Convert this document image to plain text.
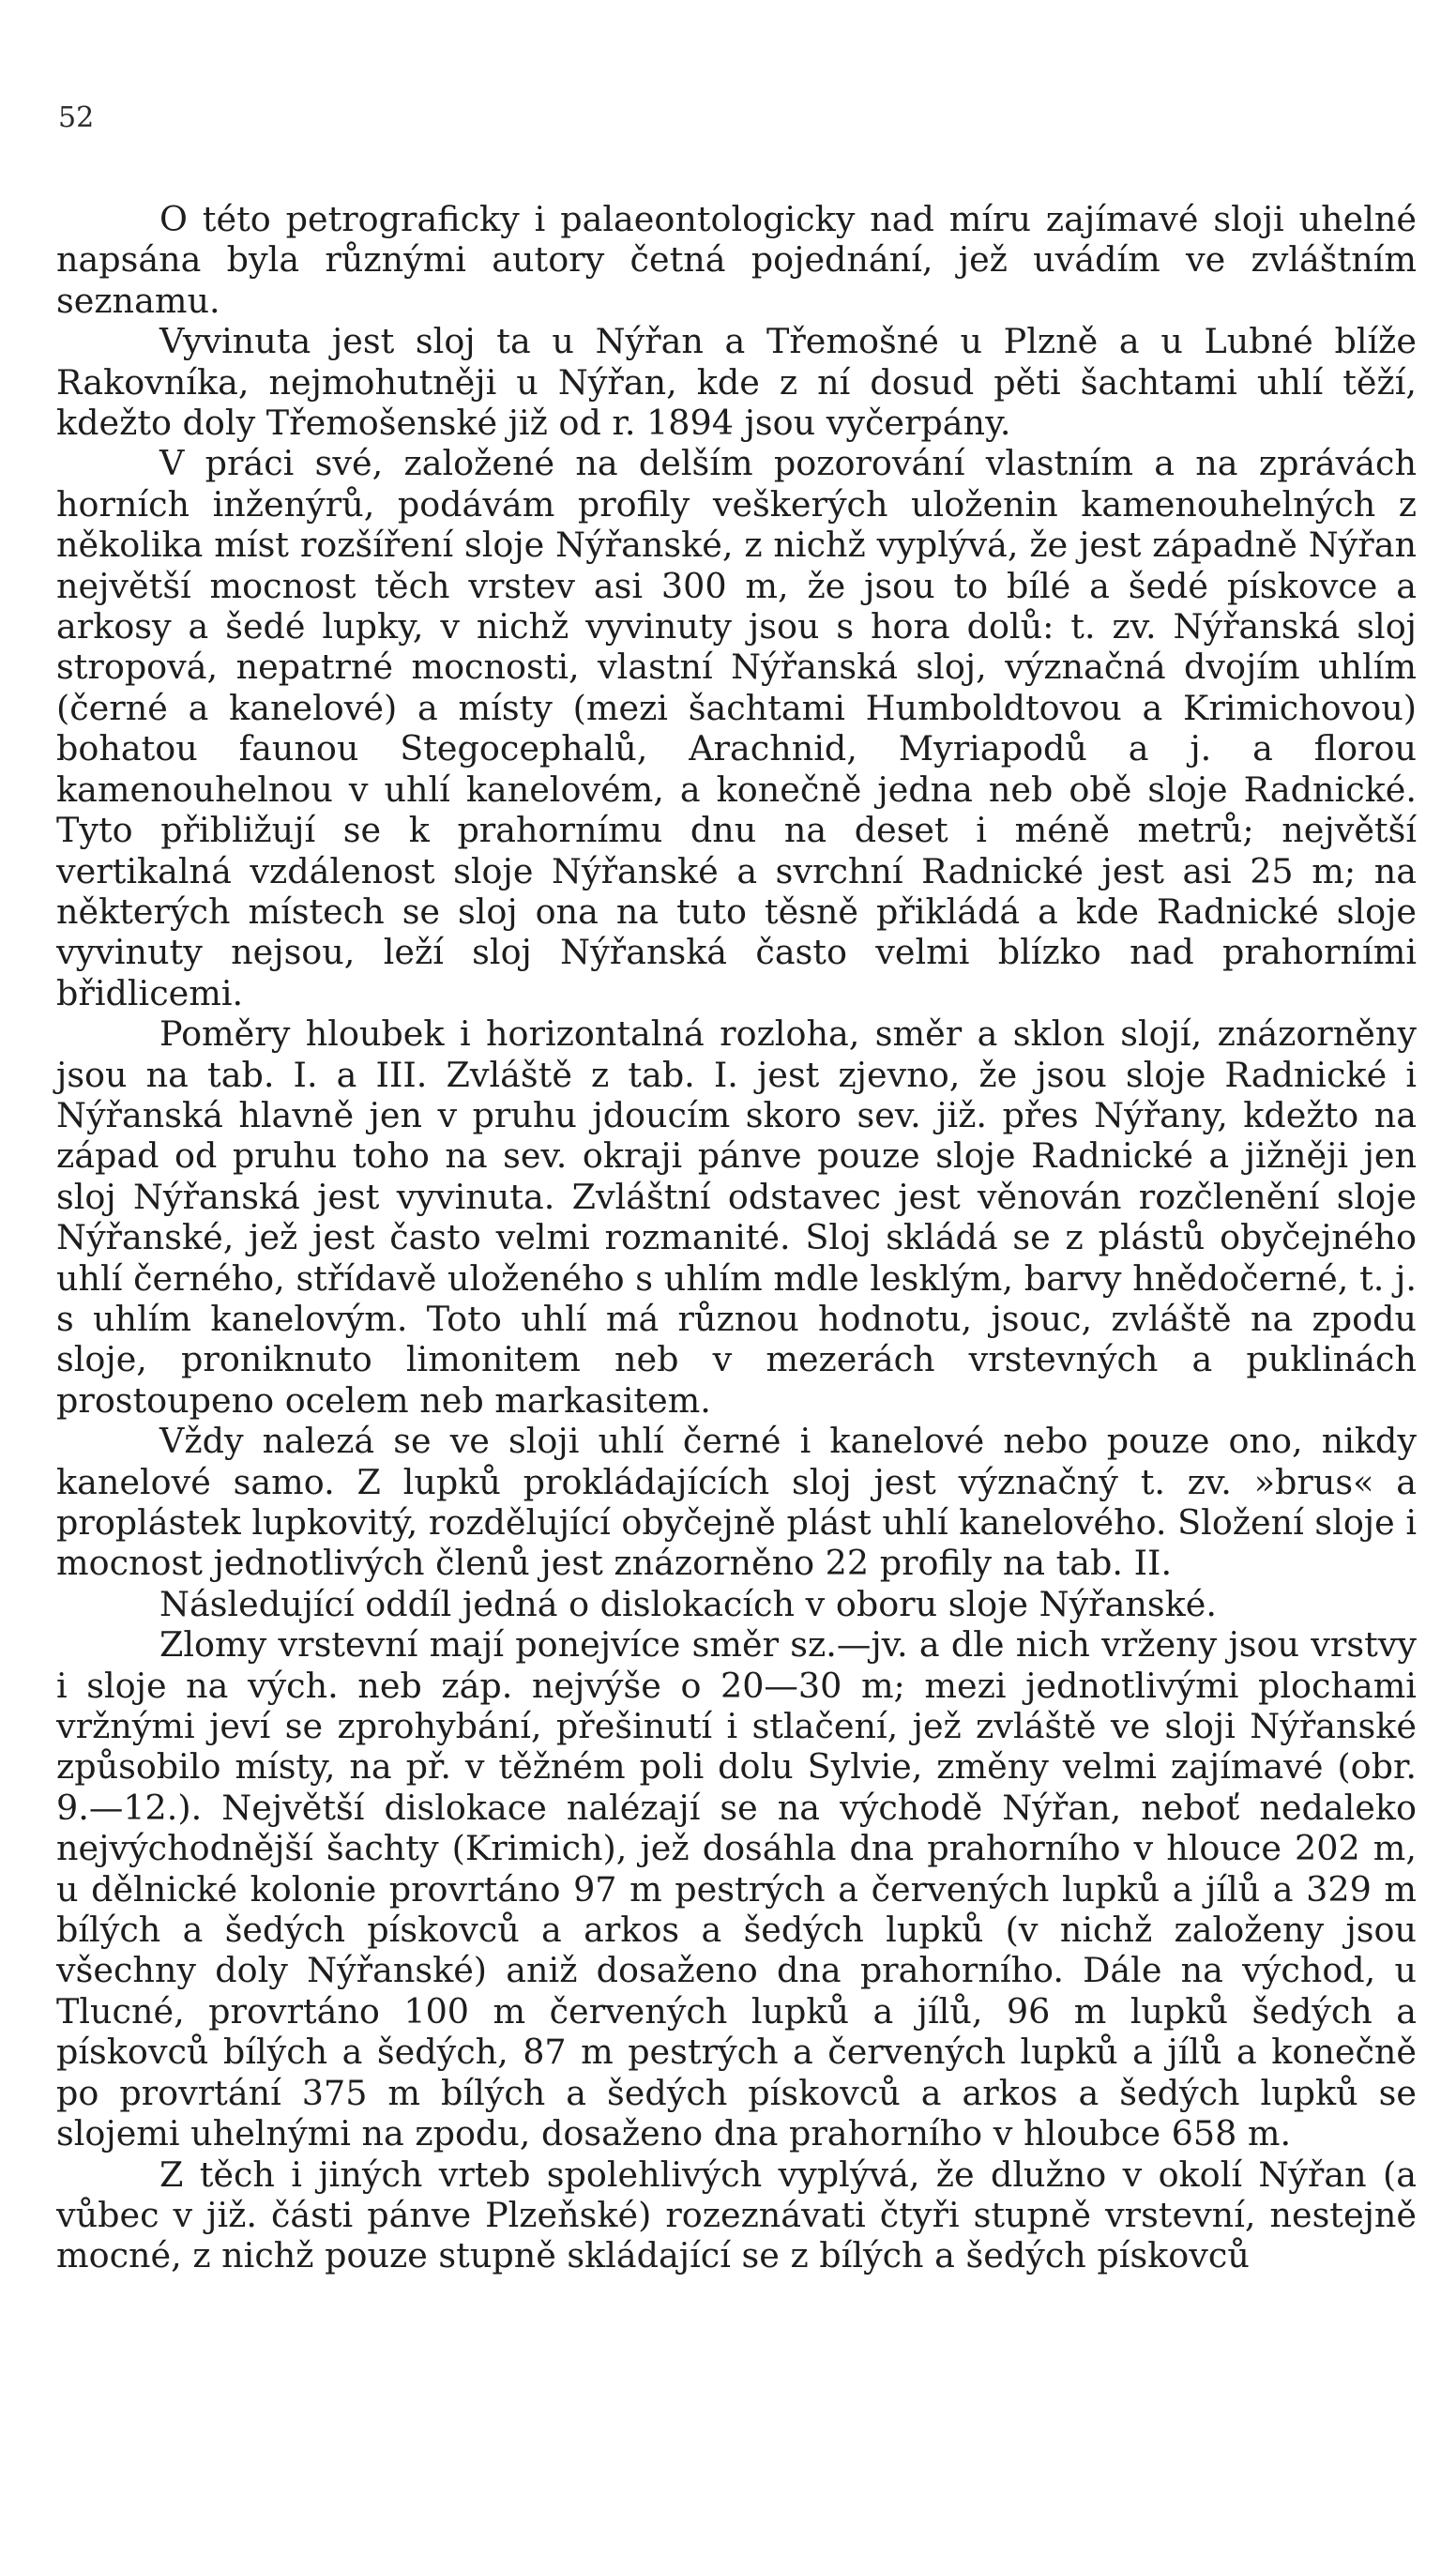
52

O této petrograficky i palaeontologicky nad míru zajímavé sloji uhelné napsána byla různými autory četná pojednání, jež uvádím ve zvláštním seznamu.

Vyvinuta jest sloj ta u Nýřan a Třemošné u Plzně a u Lubné blíže Rakovníka, nejmohutněji u Nýřan, kde z ní dosud pěti šachtami uhlí těží, kdežto doly Třemošenské již od r. 1894 jsou vyčerpány.

V práci své, založené na delším pozorování vlastním a na zprávách horních inženýrů, podávám profily veškerých uloženin kamenouhelných z několika míst rozšíření sloje Nýřanské, z nichž vyplývá, že jest západně Nýřan největší mocnost těch vrstev asi 300 m, že jsou to bílé a šedé pískovce a arkosy a šedé lupky, v nichž vyvinuty jsou s hora dolů: t. zv. Nýřanská sloj stropová, nepatrné mocnosti, vlastní Nýřanská sloj, význačná dvojím uhlím (černé a kanelové) a místy (mezi šachtami Humboldtovou a Krimichovou) bohatou faunou Stegocephalů, Arachnid, Myriapodů a j. a florou kamenouhelnou v uhlí kanelovém, a konečně jedna neb obě sloje Radnické. Tyto přibližují se k prahornímu dnu na deset i méně metrů; největší vertikalná vzdálenost sloje Nýřanské a svrchní Radnické jest asi 25 m; na některých místech se sloj ona na tuto těsně přikládá a kde Radnické sloje vyvinuty nejsou, leží sloj Nýřanská často velmi blízko nad prahorními břidlicemi.

Poměry hloubek i horizontalná rozloha, směr a sklon slojí, znázorněny jsou na tab. I. a III. Zvláště z tab. I. jest zjevno, že jsou sloje Radnické i Nýřanská hlavně jen v pruhu jdoucím skoro sev. již. přes Nýřany, kdežto na západ od pruhu toho na sev. okraji pánve pouze sloje Radnické a jižněji jen sloj Nýřanská jest vyvinuta. Zvláštní odstavec jest věnován rozčlenění sloje Nýřanské, jež jest často velmi rozmanité. Sloj skládá se z plástů obyčejného uhlí černého, střídavě uloženého s uhlím mdle lesklým, barvy hnědočerné, t. j. s uhlím kanelovým. Toto uhlí má různou hodnotu, jsouc, zvláště na zpodu sloje, proniknuto limonitem neb v mezerách vrstevných a puklinách prostoupeno ocelem neb markasitem.

Vždy nalezá se ve sloji uhlí černé i kanelové nebo pouze ono, nikdy kanelové samo. Z lupků prokládajících sloj jest význačný t. zv. »brus« a proplástek lupkovitý, rozdělující obyčejně plást uhlí kanelového. Složení sloje i mocnost jednotlivých členů jest znázorněno 22 profily na tab. II.

Následující oddíl jedná o dislokacích v oboru sloje Nýřanské.

Zlomy vrstevní mají ponejvíce směr sz.—jv. a dle nich vrženy jsou vrstvy i sloje na vých. neb záp. nejvýše o 20—30 m; mezi jednotlivými plochami vržnými jeví se zprohybání, přešinutí i stlačení, jež zvláště ve sloji Nýřanské způsobilo místy, na př. v těžném poli dolu Sylvie, změny velmi zajímavé (obr. 9.—12.). Největší dislokace nalézají se na východě Nýřan, neboť nedaleko nejvýchodnější šachty (Krimich), jež dosáhla dna prahorního v hlouce 202 m, u dělnické kolonie provrtáno 97 m pestrých a červených lupků a jílů a 329 m bílých a šedých pískovců a arkos a šedých lupků (v nichž založeny jsou všechny doly Nýřanské) aniž dosaženo dna prahorního. Dále na východ, u Tlucné, provrtáno 100 m červených lupků a jílů, 96 m lupků šedých a pískovců bílých a šedých, 87 m pestrých a červených lupků a jílů a konečně po provrtání 375 m bílých a šedých pískovců a arkos a šedých lupků se slojemi uhelnými na zpodu, dosaženo dna prahorního v hloubce 658 m.

Z těch i jiných vrteb spolehlivých vyplývá, že dlužno v okolí Nýřan (a vůbec v již. části pánve Plzeňské) rozeznávati čtyři stupně vrstevní, nestejně mocné, z nichž pouze stupně skládající se z bílých a šedých pískovců
